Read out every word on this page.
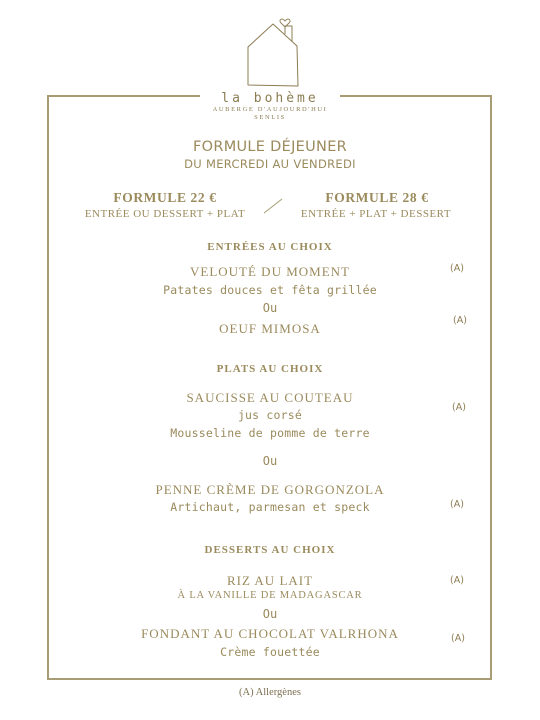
la bohème
AUBERGE D'AUJOURD'HUI
SENLIS
FORMULE DÉJEUNER
DU MERCREDI AU VENDREDI
FORMULE 22 €
ENTRÉE OU DESSERT + PLAT
FORMULE 28 €
ENTRÉE + PLAT + DESSERT
ENTRÉES AU CHOIX
VELOUTÉ DU MOMENT	(A)
Patates douces et fêta grillée
Ou
OEUF MIMOSA
(A)
PLATS AU CHOIX
SAUCISSE AU COUTEAU
jus corsé
(A)
Mousseline de pomme de terre
Ou
PENNE CRÈME DE GORGONZOLA
Artichaut, parmesan et speck	(A)
DESSERTS AU CHOIX
RIZ AU LAIT	(A)
À LA VANILLE DE MADAGASCAR
Ou
FONDANT AU CHOCOLAT VALRHONA	(A)
Crème fouettée
(A) Allergènes
